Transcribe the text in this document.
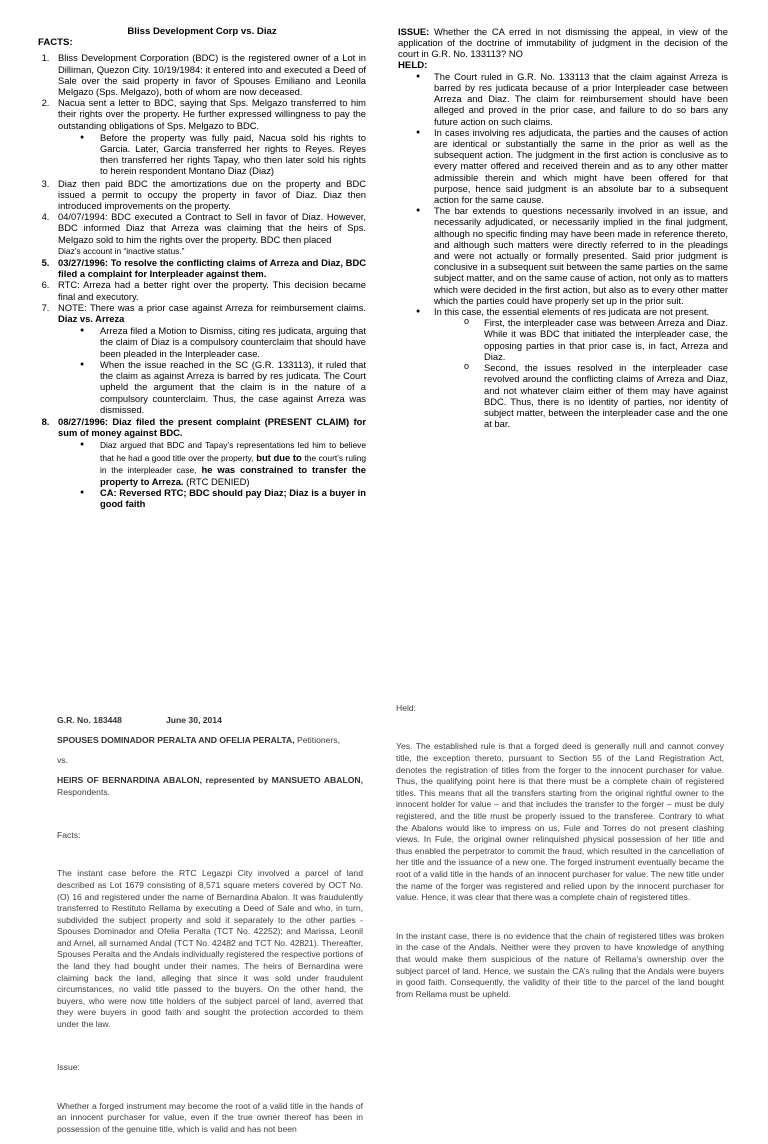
Bliss Development Corp vs. Diaz

FACTS:

1. Bliss Development Corporation (BDC) is the registered owner of a Lot in Dilliman, Quezon City. 10/19/1984: it entered into and executed a Deed of Sale over the said property in favor of Spouses Emiliano and Leonila Melgazo (Sps. Melgazo), both of whom are now deceased.
2. Nacua sent a letter to BDC, saying that Sps. Melgazo transferred to him their rights over the property. He further expressed willingness to pay the outstanding obligations of Sps. Melgazo to BDC.
● Before the property was fully paid, Nacua sold his rights to Garcia. Later, Garcia transferred her rights to Reyes. Reyes then transferred her rights Tapay, who then later sold his rights to herein respondent Montano Diaz (Diaz)
3. Diaz then paid BDC the amortizations due on the property and BDC issued a permit to occupy the property in favor of Diaz. Diaz then introduced improvements on the property.
4. 04/07/1994: BDC executed a Contract to Sell in favor of Diaz. However, BDC informed Diaz that Arreza was claiming that the heirs of Sps. Melgazo sold to him the rights over the property. BDC then placed
Diaz’s account in “inactive status.”
5. 03/27/1996: To resolve the conflicting claims of Arreza and Diaz, BDC filed a complaint for Interpleader against them.
6. RTC: Arreza had a better right over the property. This decision became final and executory.
7. NOTE: There was a prior case against Arreza for reimbursement claims. Diaz vs. Arreza
● Arreza filed a Motion to Dismiss, citing res judicata, arguing that the claim of Diaz is a compulsory counterclaim that should have been pleaded in the Interpleader case.
● When the issue reached in the SC (G.R. 133113), it ruled that the claim as against Arreza is barred by res judicata. The Court upheld the argument that the claim is in the nature of a compulsory counterclaim. Thus, the case against Arreza was dismissed.
8. 08/27/1996: Diaz filed the present complaint (PRESENT CLAIM) for sum of money against BDC.
● Diaz argued that BDC and Tapay’s representations led him to believe that he had a good title over the property, but due to the court’s ruling in the interpleader case, he was constrained to transfer the property to Arreza. (RTC DENIED)
● CA: Reversed RTC; BDC should pay Diaz; Diaz is a buyer in good faith

ISSUE: Whether the CA erred in not dismissing the appeal, in view of the application of the doctrine of immutability of judgment in the decision of the court in G.R. No. 133113? NO

HELD:

● The Court ruled in G.R. No. 133113 that the claim against Arreza is barred by res judicata because of a prior Interpleader case between Arreza and Diaz. The claim for reimbursement should have been alleged and proved in the prior case, and failure to do so bars any future action on such claims.
● In cases involving res adjudicata, the parties and the causes of action are identical or substantially the same in the prior as well as the subsequent action. The judgment in the first action is conclusive as to every matter offered and received therein and as to any other matter admissible therein and which might have been offered for that purpose, hence said judgment is an absolute bar to a subsequent action for the same cause.
● The bar extends to questions necessarily involved in an issue, and necessarily adjudicated, or necessarily implied in the final judgment, although no specific finding may have been made in reference thereto, and although such matters were directly referred to in the pleadings and were not actually or formally presented. Said prior judgment is conclusive in a subsequent suit between the same parties on the same subject matter, and on the same cause of action, not only as to matters which were decided in the first action, but also as to every other matter which the parties could have properly set up in the prior suit.
● In this case, the essential elements of res judicata are not present.
o First, the interpleader case was between Arreza and Diaz. While it was BDC that initiated the interpleader case, the opposing parties in that prior case is, in fact, Arreza and Diaz.
o Second, the issues resolved in the interpleader case revolved around the conflicting claims of Arreza and Diaz, and not whatever claim either of them may have against BDC. Thus, there is no identity of parties, nor identity of subject matter, between the interpleader case and the one at bar.

G.R. No. 183448	June 30, 2014

SPOUSES DOMINADOR PERALTA AND OFELIA PERALTA, Petitioners,

vs.

HEIRS OF BERNARDINA ABALON, represented by MANSUETO ABALON, Respondents.

Facts:

The instant case before the RTC Legazpi City involved a parcel of land described as Lot 1679 consisting of 8,571 square meters covered by OCT No. (O) 16 and registered under the name of Bernardina Abalon. It was fraudulently transferred to Restituto Rellama by executing a Deed of Sale and who, in turn, subdivided the subject property and sold it separately to the other parties - Spouses Dominador and Ofelia Peralta (TCT No. 42252); and Marissa, Leonil and Arnel, all surnamed Andal (TCT No. 42482 and TCT No. 42821). Thereafter, Spouses Peralta and the Andals individually registered the respective portions of the land they had bought under their names. The heirs of Bernardina were claiming back the land, alleging that since it was sold under fraudulent circumstances, no valid title passed to the buyers. On the other hand, the buyers, who were now title holders of the subject parcel of land, averred that they were buyers in good faith and sought the protection accorded to them under the law.

Issue:

Whether a forged instrument may become the root of a valid title in the hands of an innocent purchaser for value, even if the true owner thereof has been in possession of the genuine title, which is valid and has not been

Held:

Yes. The established rule is that a forged deed is generally null and cannot convey title, the exception thereto, pursuant to Section 55 of the Land Registration Act, denotes the registration of titles from the forger to the innocent purchaser for value. Thus, the qualifying point here is that there must be a complete chain of registered titles. This means that all the transfers starting from the original rightful owner to the innocent holder for value – and that includes the transfer to the forger – must be duly registered, and the title must be properly issued to the transferee. Contrary to what the Abalons would like to impress on us, Fule and Torres do not present clashing views. In Fule, the original owner relinquished physical possession of her title and thus enabled the perpetrator to commit the fraud, which resulted in the cancellation of her title and the issuance of a new one. The forged instrument eventually became the root of a valid title in the hands of an innocent purchaser for value. The new title under the name of the forger was registered and relied upon by the innocent purchaser for value. Hence, it was clear that there was a complete chain of registered titles.

In the instant case, there is no evidence that the chain of registered titles was broken in the case of the Andals. Neither were they proven to have knowledge of anything that would make them suspicious of the nature of Rellama’s ownership over the subject parcel of land. Hence, we sustain the CA’s ruling that the Andals were buyers in good faith. Consequently, the validity of their title to the parcel of the land bought from Rellama must be upheld.
